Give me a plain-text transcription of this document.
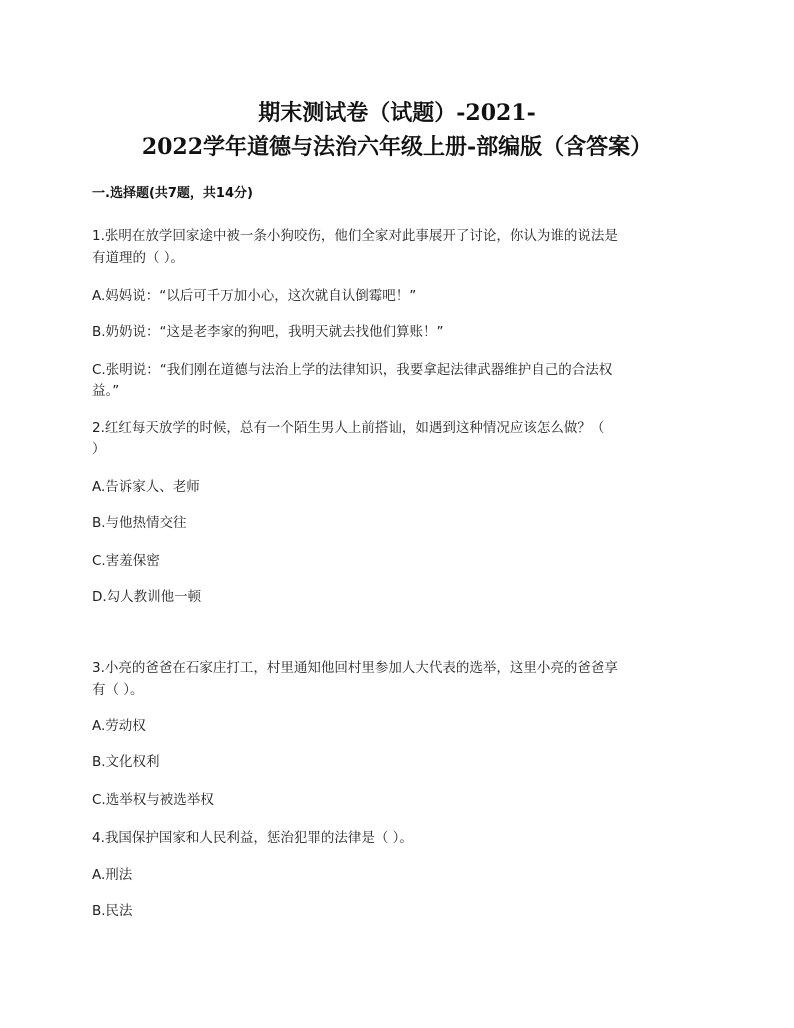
期末测试卷（试题）-2021-
2022学年道德与法治六年级上册-部编版（含答案）
一.选择题(共7题，共14分)
1.张明在放学回家途中被一条小狗咬伤，他们全家对此事展开了讨论，你认为谁的说法是
有道理的（ ）。
A.妈妈说：“以后可千万加小心，这次就自认倒霉吧！”
B.奶奶说：“这是老李家的狗吧，我明天就去找他们算账！”
C.张明说：“我们刚在道德与法治上学的法律知识，我要拿起法律武器维护自己的合法权
益。”
2.红红每天放学的时候，总有一个陌生男人上前搭讪，如遇到这种情况应该怎么做？（
）
A.告诉家人、老师
B.与他热情交往
C.害羞保密
D.勾人教训他一顿
3.小亮的爸爸在石家庄打工，村里通知他回村里参加人大代表的选举，这里小亮的爸爸享
有（ ）。
A.劳动权
B.文化权利
C.选举权与被选举权
4.我国保护国家和人民利益，惩治犯罪的法律是（ ）。
A.刑法
B.民法
